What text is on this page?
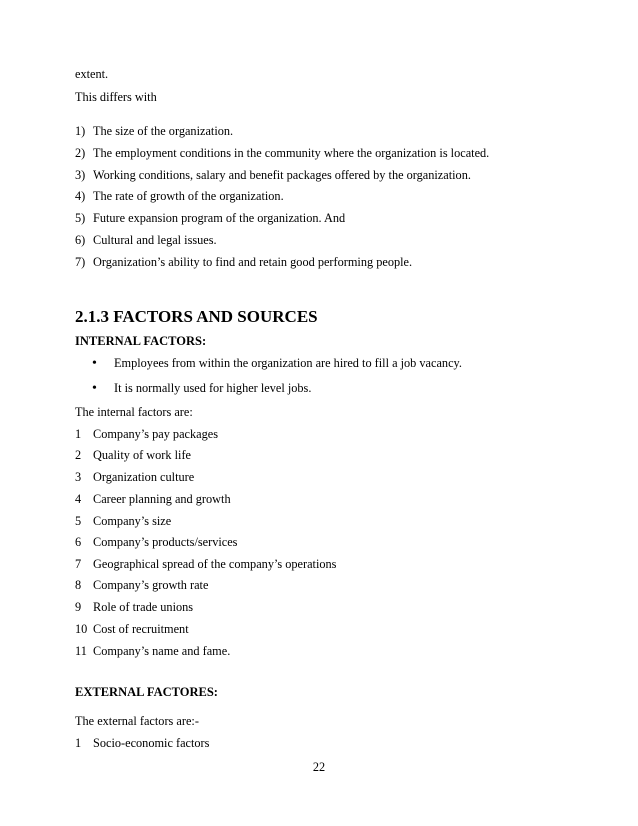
extent.
This differs with
1) The size of the organization.
2) The employment conditions in the community where the organization is located.
3) Working conditions, salary and benefit packages offered by the organization.
4) The rate of growth of the organization.
5) Future expansion program of the organization. And
6) Cultural and legal issues.
7) Organization’s ability to find and retain good performing people.
2.1.3 FACTORS AND SOURCES
INTERNAL FACTORS:
• Employees from within the organization are hired to fill a job vacancy.
• It is normally used for higher level jobs.
The internal factors are:
1 Company’s pay packages
2 Quality of work life
3 Organization culture
4 Career planning and growth
5 Company’s size
6 Company’s products/services
7 Geographical spread of the company’s operations
8 Company’s growth rate
9 Role of trade unions
10 Cost of recruitment
11 Company’s name and fame.
EXTERNAL FACTORES:
The external factors are:-
1 Socio-economic factors
22
